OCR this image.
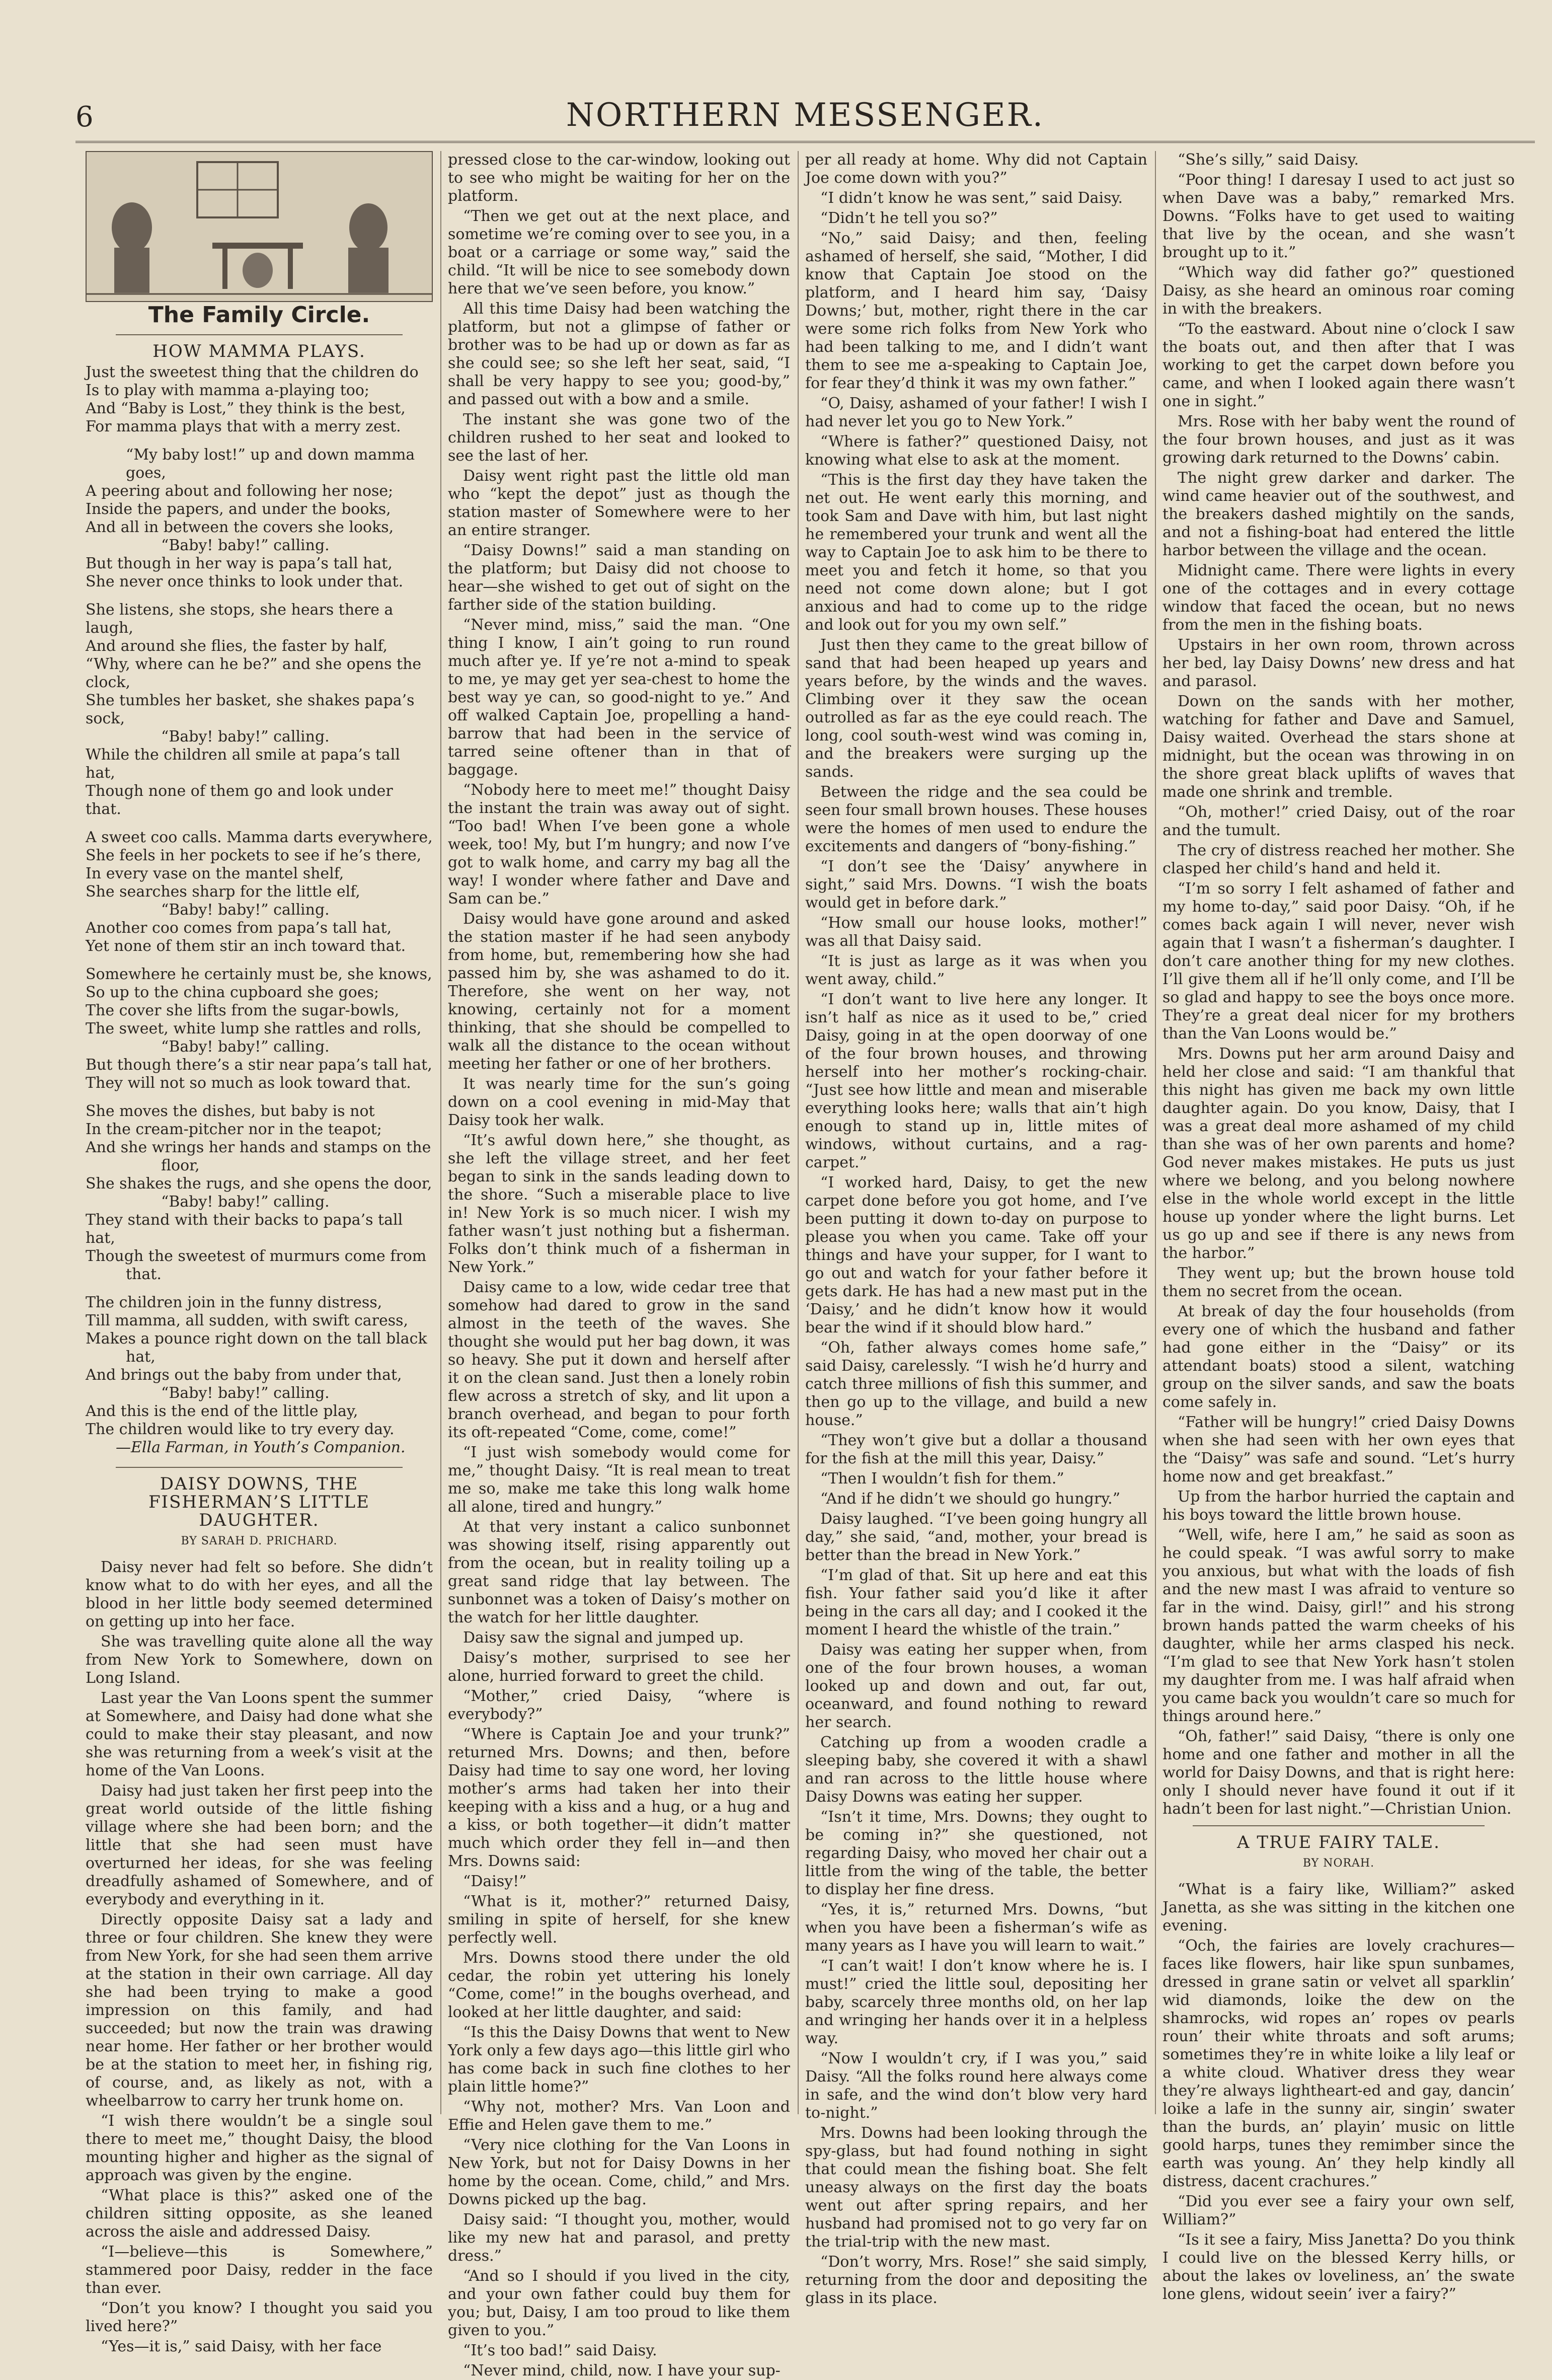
6	NORTHERN MESSENGER.
The Family Circle.
HOW MAMMA PLAYS.
Just the sweetest thing that the children do
Is to play with mamma a-playing too;
And “Baby is Lost,” they think is the best,
For mamma plays that with a merry zest.
“My baby lost!” up and down mamma goes,
A peering about and following her nose;
Inside the papers, and under the books,
And all in between the covers she looks,
“Baby! baby!” calling.
But though in her way is papa’s tall hat,
She never once thinks to look under that.
She listens, she stops, she hears there a laugh,
And around she flies, the faster by half,
“Why, where can he be?” and she opens the clock,
She tumbles her basket, she shakes papa’s sock,
“Baby! baby!” calling.
While the children all smile at papa’s tall hat,
Though none of them go and look under that.
A sweet coo calls. Mamma darts everywhere,
She feels in her pockets to see if he’s there,
In every vase on the mantel shelf,
She searches sharp for the little elf,
“Baby! baby!” calling.
Another coo comes from papa’s tall hat,
Yet none of them stir an inch toward that.
Somewhere he certainly must be, she knows,
So up to the china cupboard she goes;
The cover she lifts from the sugar-bowls,
The sweet, white lump she rattles and rolls,
“Baby! baby!” calling.
But though there’s a stir near papa’s tall hat,
They will not so much as look toward that.
She moves the dishes, but baby is not
In the cream-pitcher nor in the teapot;
And she wrings her hands and stamps on the
floor,
She shakes the rugs, and she opens the door,
“Baby! baby!” calling.
They stand with their backs to papa’s tall hat,
Though the sweetest of murmurs come from
that.
The children join in the funny distress,
Till mamma, all sudden, with swift caress,
Makes a pounce right down on the tall black
hat,
And brings out the baby from under that,
“Baby! baby!” calling.
And this is the end of the little play,
The children would like to try every day.
—Ella Farman, in Youth’s Companion.
DAISY DOWNS, THE FISHERMAN’S LITTLE DAUGHTER.
BY SARAH D. PRICHARD.

Daisy never had felt so before. She didn’t know what to do with her eyes, and all the blood in her little body seemed determined on getting up into her face.

She was travelling quite alone all the way from New York to Somewhere, down on Long Island.

Last year the Van Loons spent the summer at Somewhere, and Daisy had done what she could to make their stay pleasant, and now she was returning from a week’s visit at the home of the Van Loons.

Daisy had just taken her first peep into the great world outside of the little fishing village where she had been born; and the little that she had seen must have overturned her ideas, for she was feeling dreadfully ashamed of Somewhere, and of everybody and everything in it.

Directly opposite Daisy sat a lady and three or four children. She knew they were from New York, for she had seen them arrive at the station in their own carriage. All day she had been trying to make a good impression on this family, and had succeeded; but now the train was drawing near home. Her father or her brother would be at the station to meet her, in fishing rig, of course, and, as likely as not, with a wheelbarrow to carry her trunk home on.

“I wish there wouldn’t be a single soul there to meet me,” thought Daisy, the blood mounting higher and higher as the signal of approach was given by the engine.

“What place is this?” asked one of the children sitting opposite, as she leaned across the aisle and addressed Daisy.

“I—believe—this is Somewhere,” stammered poor Daisy, redder in the face than ever.

“Don’t you know? I thought you said you lived here?”

“Yes—it is,” said Daisy, with her face

pressed close to the car-window, looking out to see who might be waiting for her on the platform.

“Then we get out at the next place, and sometime we’re coming over to see you, in a boat or a carriage or some way,” said the child. “It will be nice to see somebody down here that we’ve seen before, you know.”

All this time Daisy had been watching the platform, but not a glimpse of father or brother was to be had up or down as far as she could see; so she left her seat, said, “I shall be very happy to see you; good-by,” and passed out with a bow and a smile.

The instant she was gone two of the children rushed to her seat and looked to see the last of her.

Daisy went right past the little old man who “kept the depot” just as though the station master of Somewhere were to her an entire stranger.

“Daisy Downs!” said a man standing on the platform; but Daisy did not choose to hear—she wished to get out of sight on the farther side of the station building.

“Never mind, miss,” said the man. “One thing I know, I ain’t going to run round much after ye. If ye’re not a-mind to speak to me, ye may get yer sea-chest to home the best way ye can, so good-night to ye.” And off walked Captain Joe, propelling a hand-barrow that had been in the service of tarred seine oftener than in that of baggage.

“Nobody here to meet me!” thought Daisy the instant the train was away out of sight. “Too bad! When I’ve been gone a whole week, too! My, but I’m hungry; and now I’ve got to walk home, and carry my bag all the way! I wonder where father and Dave and Sam can be.”

Daisy would have gone around and asked the station master if he had seen anybody from home, but, remembering how she had passed him by, she was ashamed to do it. Therefore, she went on her way, not knowing, certainly not for a moment thinking, that she should be compelled to walk all the distance to the ocean without meeting her father or one of her brothers.

It was nearly time for the sun’s going down on a cool evening in mid-May that Daisy took her walk.

“It’s awful down here,” she thought, as she left the village street, and her feet began to sink in the sands leading down to the shore. “Such a miserable place to live in! New York is so much nicer. I wish my father wasn’t just nothing but a fisherman. Folks don’t think much of a fisherman in New York.”

Daisy came to a low, wide cedar tree that somehow had dared to grow in the sand almost in the teeth of the waves. She thought she would put her bag down, it was so heavy. She put it down and herself after it on the clean sand. Just then a lonely robin flew across a stretch of sky, and lit upon a branch overhead, and began to pour forth its oft-repeated “Come, come, come!”

“I just wish somebody would come for me,” thought Daisy. “It is real mean to treat me so, make me take this long walk home all alone, tired and hungry.”

At that very instant a calico sunbonnet was showing itself, rising apparently out from the ocean, but in reality toiling up a great sand ridge that lay between. The sunbonnet was a token of Daisy’s mother on the watch for her little daughter.

Daisy saw the signal and jumped up.

Daisy’s mother, surprised to see her alone, hurried forward to greet the child.

“Mother,” cried Daisy, “where is everybody?”

“Where is Captain Joe and your trunk?” returned Mrs. Downs; and then, before Daisy had time to say one word, her loving mother’s arms had taken her into their keeping with a kiss and a hug, or a hug and a kiss, or both together—it didn’t matter much which order they fell in—and then Mrs. Downs said:

“Daisy!”

“What is it, mother?” returned Daisy, smiling in spite of herself, for she knew perfectly well.

Mrs. Downs stood there under the old cedar, the robin yet uttering his lonely “Come, come!” in the boughs overhead, and looked at her little daughter, and said:

“Is this the Daisy Downs that went to New York only a few days ago—this little girl who has come back in such fine clothes to her plain little home?”

“Why not, mother? Mrs. Van Loon and Effie and Helen gave them to me.”

“Very nice clothing for the Van Loons in New York, but not for Daisy Downs in her home by the ocean. Come, child,” and Mrs. Downs picked up the bag.

Daisy said: “I thought you, mother, would like my new hat and parasol, and pretty dress.”

“And so I should if you lived in the city, and your own father could buy them for you; but, Daisy, I am too proud to like them given to you.”

“It’s too bad!” said Daisy.

“Never mind, child, now. I have your sup-

per all ready at home. Why did not Captain Joe come down with you?”

“I didn’t know he was sent,” said Daisy.

“Didn’t he tell you so?”

“No,” said Daisy; and then, feeling ashamed of herself, she said, “Mother, I did know that Captain Joe stood on the platform, and I heard him say, ‘Daisy Downs;’ but, mother, right there in the car were some rich folks from New York who had been talking to me, and I didn’t want them to see me a-speaking to Captain Joe, for fear they’d think it was my own father.”

“O, Daisy, ashamed of your father! I wish I had never let you go to New York.”

“Where is father?” questioned Daisy, not knowing what else to ask at the moment.

“This is the first day they have taken the net out. He went early this morning, and took Sam and Dave with him, but last night he remembered your trunk and went all the way to Captain Joe to ask him to be there to meet you and fetch it home, so that you need not come down alone; but I got anxious and had to come up to the ridge and look out for you my own self.”

Just then they came to the great billow of sand that had been heaped up years and years before, by the winds and the waves. Climbing over it they saw the ocean outrolled as far as the eye could reach. The long, cool south-west wind was coming in, and the breakers were surging up the sands.

Between the ridge and the sea could be seen four small brown houses. These houses were the homes of men used to endure the excitements and dangers of “bony-fishing.”

“I don’t see the ‘Daisy’ anywhere in sight,” said Mrs. Downs. “I wish the boats would get in before dark.”

“How small our house looks, mother!” was all that Daisy said.

“It is just as large as it was when you went away, child.”

“I don’t want to live here any longer. It isn’t half as nice as it used to be,” cried Daisy, going in at the open doorway of one of the four brown houses, and throwing herself into her mother’s rocking-chair. “Just see how little and mean and miserable everything looks here; walls that ain’t high enough to stand up in, little mites of windows, without curtains, and a rag-carpet.”

“I worked hard, Daisy, to get the new carpet done before you got home, and I’ve been putting it down to-day on purpose to please you when you came. Take off your things and have your supper, for I want to go out and watch for your father before it gets dark. He has had a new mast put in the ‘Daisy,’ and he didn’t know how it would bear the wind if it should blow hard.”

“Oh, father always comes home safe,” said Daisy, carelessly. “I wish he’d hurry and catch three millions of fish this summer, and then go up to the village, and build a new house.”

“They won’t give but a dollar a thousand for the fish at the mill this year, Daisy.”

“Then I wouldn’t fish for them.”

“And if he didn’t we should go hungry.”

Daisy laughed. “I’ve been going hungry all day,” she said, “and, mother, your bread is better than the bread in New York.”

“I’m glad of that. Sit up here and eat this fish. Your father said you’d like it after being in the cars all day; and I cooked it the moment I heard the whistle of the train.”

Daisy was eating her supper when, from one of the four brown houses, a woman looked up and down and out, far out, oceanward, and found nothing to reward her search.

Catching up from a wooden cradle a sleeping baby, she covered it with a shawl and ran across to the little house where Daisy Downs was eating her supper.

“Isn’t it time, Mrs. Downs; they ought to be coming in?” she questioned, not regarding Daisy, who moved her chair out a little from the wing of the table, the better to display her fine dress.

“Yes, it is,” returned Mrs. Downs, “but when you have been a fisherman’s wife as many years as I have you will learn to wait.”

“I can’t wait! I don’t know where he is. I must!” cried the little soul, depositing her baby, scarcely three months old, on her lap and wringing her hands over it in a helpless way.

“Now I wouldn’t cry, if I was you,” said Daisy. “All the folks round here always come in safe, and the wind don’t blow very hard to-night.”

Mrs. Downs had been looking through the spy-glass, but had found nothing in sight that could mean the fishing boat. She felt uneasy always on the first day the boats went out after spring repairs, and her husband had promised not to go very far on the trial-trip with the new mast.

“Don’t worry, Mrs. Rose!” she said simply, returning from the door and depositing the glass in its place.

“She’s silly,” said Daisy.

“Poor thing! I daresay I used to act just so when Dave was a baby,” remarked Mrs. Downs. “Folks have to get used to waiting that live by the ocean, and she wasn’t brought up to it.”

“Which way did father go?” questioned Daisy, as she heard an ominous roar coming in with the breakers.

“To the eastward. About nine o’clock I saw the boats out, and then after that I was working to get the carpet down before you came, and when I looked again there wasn’t one in sight.”

Mrs. Rose with her baby went the round of the four brown houses, and just as it was growing dark returned to the Downs’ cabin.

The night grew darker and darker. The wind came heavier out of the southwest, and the breakers dashed mightily on the sands, and not a fishing-boat had entered the little harbor between the village and the ocean.

Midnight came. There were lights in every one of the cottages and in every cottage window that faced the ocean, but no news from the men in the fishing boats.

Upstairs in her own room, thrown across her bed, lay Daisy Downs’ new dress and hat and parasol.

Down on the sands with her mother, watching for father and Dave and Samuel, Daisy waited. Overhead the stars shone at midnight, but the ocean was throwing in on the shore great black uplifts of waves that made one shrink and tremble.

“Oh, mother!” cried Daisy, out of the roar and the tumult.

The cry of distress reached her mother. She clasped her child’s hand and held it.

“I’m so sorry I felt ashamed of father and my home to-day,” said poor Daisy. “Oh, if he comes back again I will never, never wish again that I wasn’t a fisherman’s daughter. I don’t care another thing for my new clothes. I’ll give them all if he’ll only come, and I’ll be so glad and happy to see the boys once more. They’re a great deal nicer for my brothers than the Van Loons would be.”

Mrs. Downs put her arm around Daisy and held her close and said: “I am thankful that this night has given me back my own little daughter again. Do you know, Daisy, that I was a great deal more ashamed of my child than she was of her own parents and home? God never makes mistakes. He puts us just where we belong, and you belong nowhere else in the whole world except in the little house up yonder where the light burns. Let us go up and see if there is any news from the harbor.”

They went up; but the brown house told them no secret from the ocean.

At break of day the four households (from every one of which the husband and father had gone either in the “Daisy” or its attendant boats) stood a silent, watching group on the silver sands, and saw the boats come safely in.

“Father will be hungry!” cried Daisy Downs when she had seen with her own eyes that the “Daisy” was safe and sound. “Let’s hurry home now and get breakfast.”

Up from the harbor hurried the captain and his boys toward the little brown house.

“Well, wife, here I am,” he said as soon as he could speak. “I was awful sorry to make you anxious, but what with the loads of fish and the new mast I was afraid to venture so far in the wind. Daisy, girl!” and his strong brown hands patted the warm cheeks of his daughter, while her arms clasped his neck. “I’m glad to see that New York hasn’t stolen my daughter from me. I was half afraid when you came back you wouldn’t care so much for things around here.”

“Oh, father!” said Daisy, “there is only one home and one father and mother in all the world for Daisy Downs, and that is right here: only I should never have found it out if it hadn’t been for last night.”—Christian Union.

A TRUE FAIRY TALE.
BY NORAH.

“What is a fairy like, William?” asked Janetta, as she was sitting in the kitchen one evening.

“Och, the fairies are lovely crachures—faces like flowers, hair like spun sunbames, dressed in grane satin or velvet all sparklin’ wid diamonds, loike the dew on the shamrocks, wid ropes an’ ropes ov pearls roun’ their white throats and soft arums; sometimes they’re in white loike a lily leaf or a white cloud. Whativer dress they wear they’re always lightheart-ed and gay, dancin’ loike a lafe in the sunny air, singin’ swater than the burds, an’ playin’ music on little goold harps, tunes they remimber since the earth was young. An’ they help kindly all distress, dacent crachures.”

“Did you ever see a fairy your own self, William?”

“Is it see a fairy, Miss Janetta? Do you think I could live on the blessed Kerry hills, or about the lakes ov loveliness, an’ the swate lone glens, widout seein’ iver a fairy?”
